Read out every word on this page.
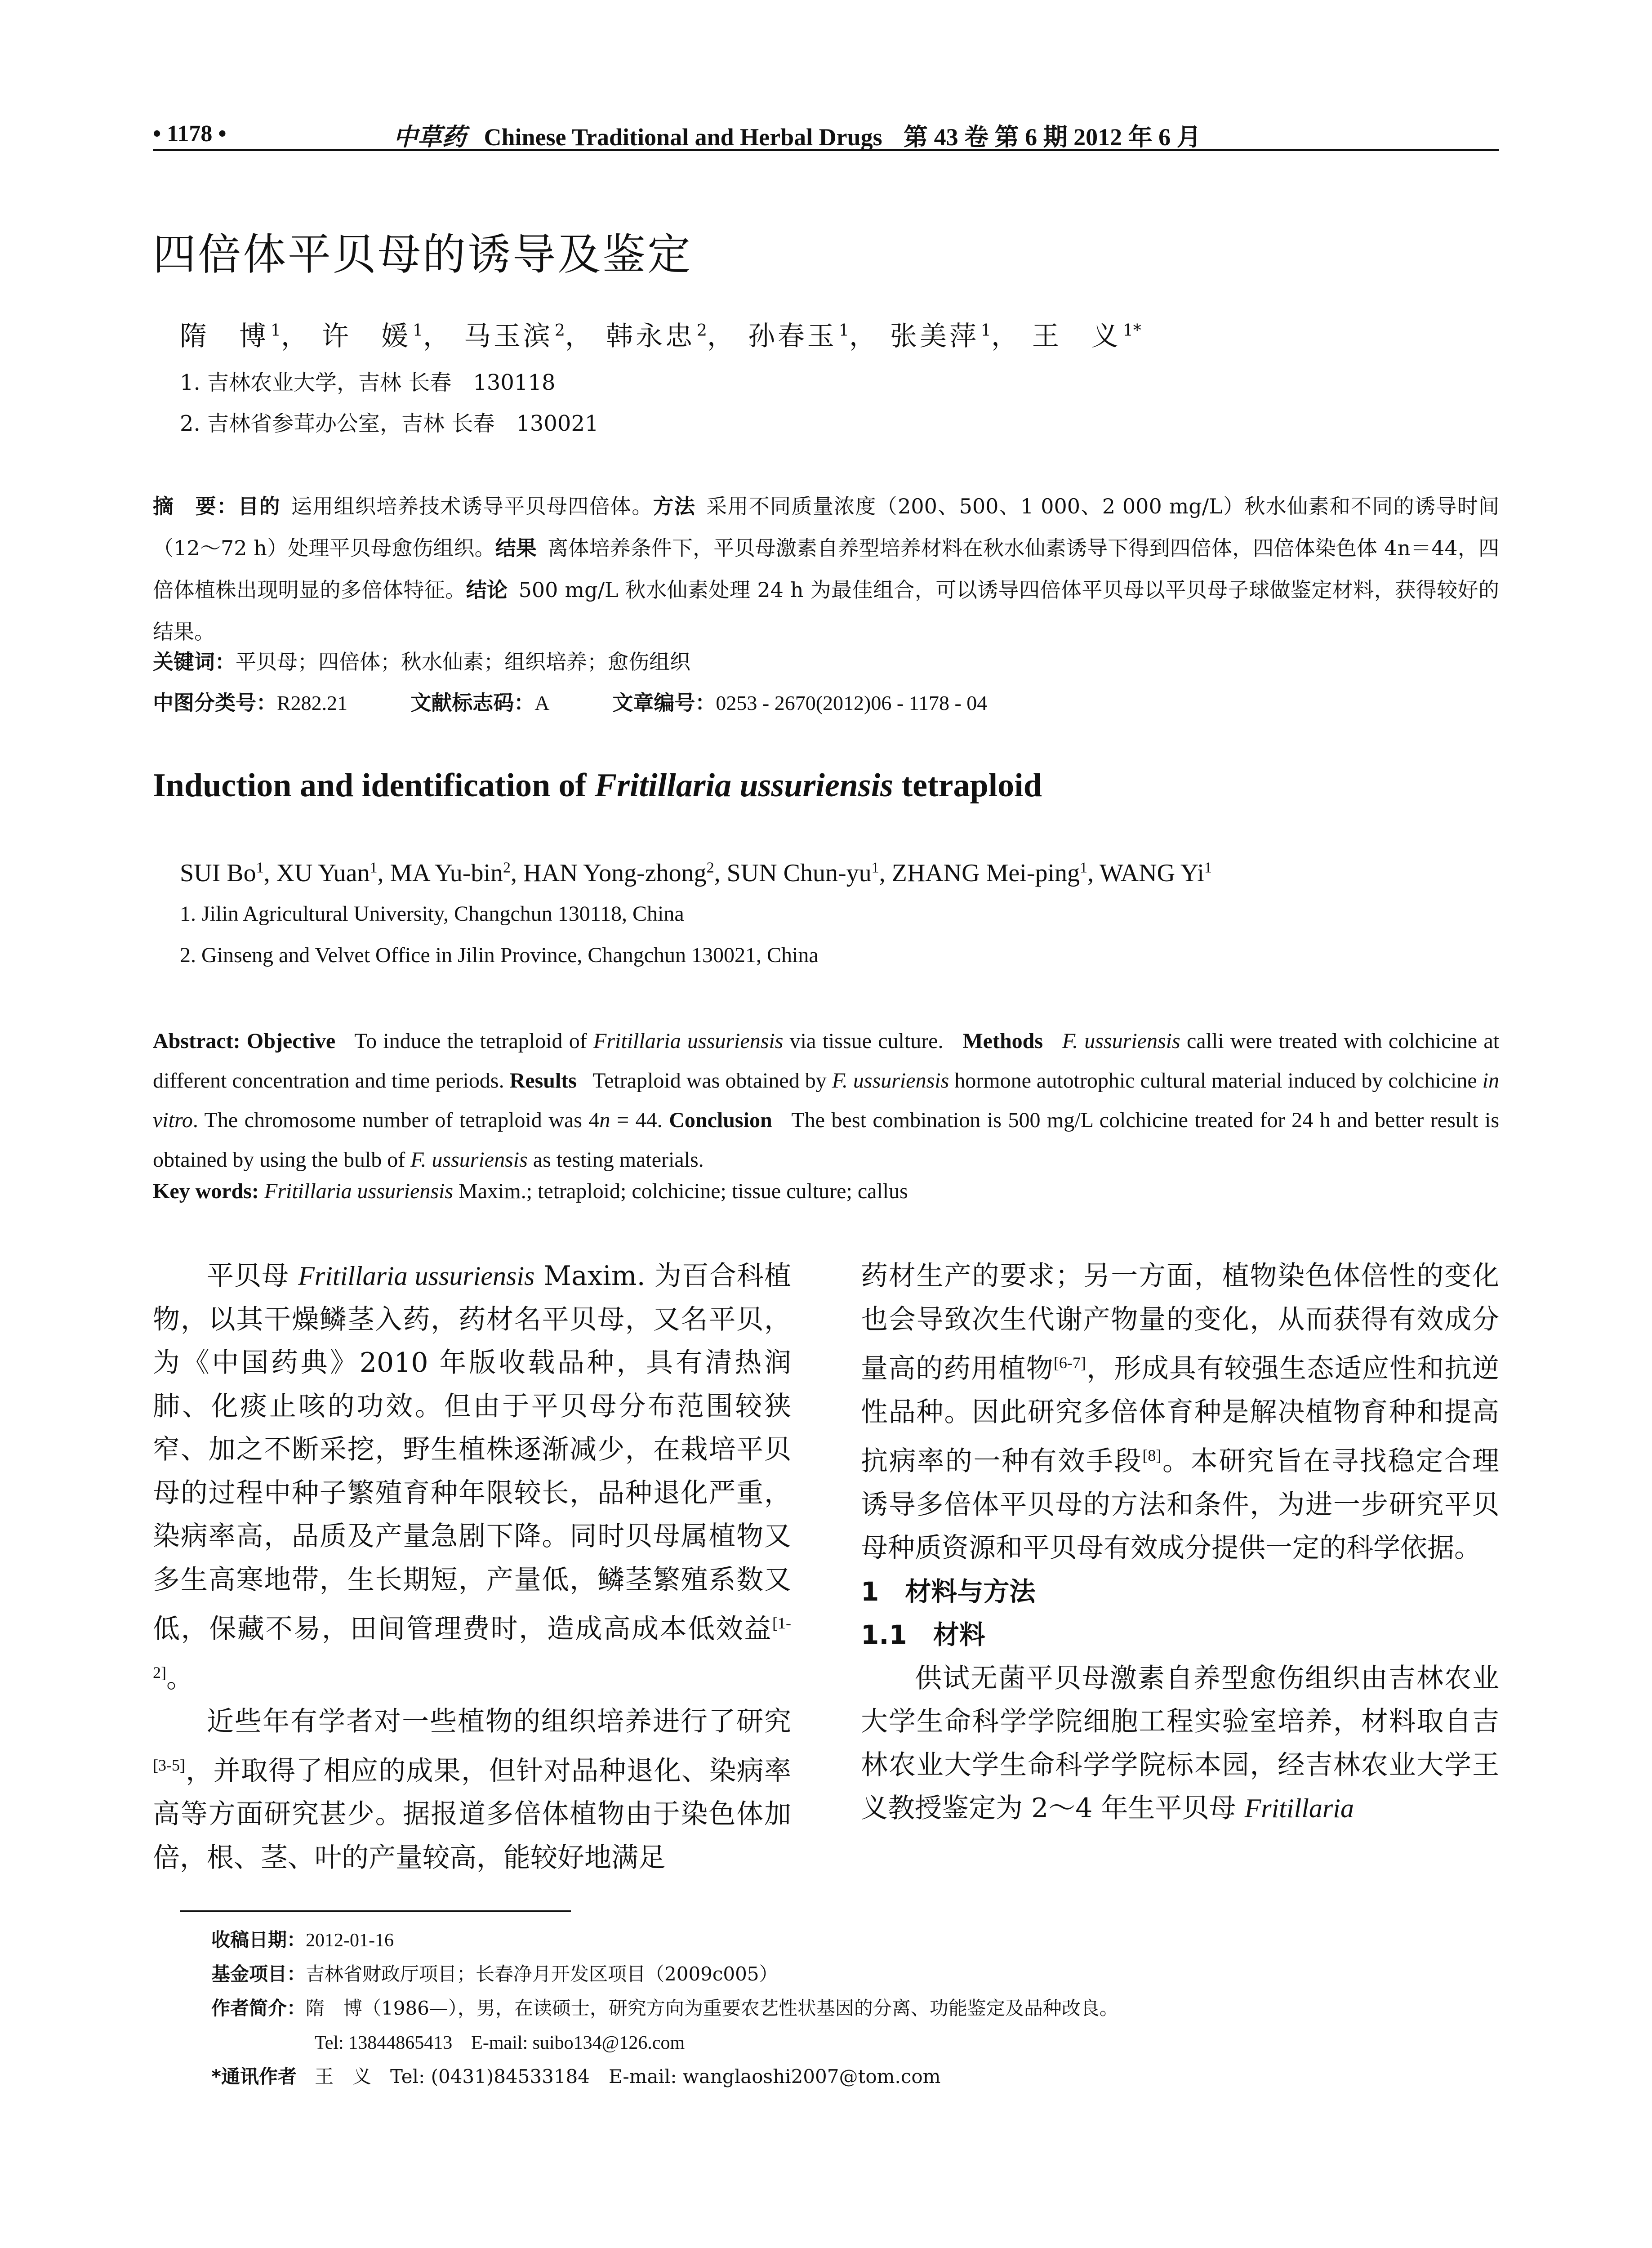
• 1178 •	中草药 Chinese Traditional and Herbal Drugs 第 43 卷 第 6 期 2012 年 6 月
四倍体平贝母的诱导及鉴定
隋　博 $^1$， 许　媛 $^1$， 马玉滨 $^2$， 韩永忠 $^2$， 孙春玉 $^1$， 张美萍 $^1$， 王　义 $^{1*}$
1. 吉林农业大学，吉林 长春　130118
2. 吉林省参茸办公室，吉林 长春　130021
摘　要：目的 运用组织培养技术诱导平贝母四倍体。方法 采用不同质量浓度（200、500、1 000、2 000 mg/L）秋水仙素和不同的诱导时间（12～72 h）处理平贝母愈伤组织。结果 离体培养条件下，平贝母激素自养型培养材料在秋水仙素诱导下得到四倍体，四倍体染色体 4n＝44，四倍体植株出现明显的多倍体特征。结论 500 mg/L 秋水仙素处理 24 h 为最佳组合，可以诱导四倍体平贝母以平贝母子球做鉴定材料，获得较好的结果。
关键词：平贝母；四倍体；秋水仙素；组织培养；愈伤组织
中图分类号：R282.21	文献标志码：A	文章编号：0253 - 2670(2012)06 - 1178 - 04
Induction and identification of Fritillaria ussuriensis tetraploid
SUI Bo$^1$, XU Yuan$^1$, MA Yu-bin$^2$, HAN Yong-zhong$^2$, SUN Chun-$yu^1$, ZHANG Mei-ping$^1$, WANG Yi$^1$
1. Jilin Agricultural University, Changchun 130118, China
2. Ginseng and Velvet Office in Jilin Province, Changchun 130021, China
Abstract: Objective To induce the tetraploid of Fritillaria ussuriensis via tissue culture. Methods F. ussuriensis calli were treated with colchicine at different concentration and time periods. Results Tetraploid was obtained by F. ussuriensis hormone autotrophic cultural material induced by colchicine in vitro. The chromosome number of tetraploid was 4n = 44. Conclusion The best combination is 500 mg/L colchicine treated for 24 h and better result is obtained by using the bulb of F. ussuriensis as testing materials.
Key words: Fritillaria ussuriensis Maxim.; tetraploid; colchicine; tissue culture; callus

平贝母 Fritillaria ussuriensis Maxim. 为百合科植物，以其干燥鳞茎入药，药材名平贝母，又名平贝，为《中国药典》2010 年版收载品种，具有清热润肺、化痰止咳的功效。但由于平贝母分布范围较狭窄、加之不断采挖，野生植株逐渐减少，在栽培平贝母的过程中种子繁殖育种年限较长，品种退化严重，染病率高，品质及产量急剧下降。同时贝母属植物又多生高寒地带，生长期短，产量低，鳞茎繁殖系数又低，保藏不易，田间管理费时，造成高成本低效益[1-2]。

近些年有学者对一些植物的组织培养进行了研究[3-5]，并取得了相应的成果，但针对品种退化、染病率高等方面研究甚少。据报道多倍体植物由于染色体加倍，根、茎、叶的产量较高，能较好地满足

药材生产的要求；另一方面，植物染色体倍性的变化也会导致次生代谢产物量的变化，从而获得有效成分量高的药用植物[6-7]，形成具有较强生态适应性和抗逆性品种。因此研究多倍体育种是解决植物育种和提高抗病率的一种有效手段[8]。本研究旨在寻找稳定合理诱导多倍体平贝母的方法和条件，为进一步研究平贝母种质资源和平贝母有效成分提供一定的科学依据。

1　材料与方法
1.1　材料

供试无菌平贝母激素自养型愈伤组织由吉林农业大学生命科学学院细胞工程实验室培养，材料取自吉林农业大学生命科学学院标本园，经吉林农业大学王义教授鉴定为 2～4 年生平贝母 Fritillaria

收稿日期：2012-01-16
基金项目：吉林省财政厅项目；长春净月开发区项目（2009c005）
作者简介：隋　博（1986—），男，在读硕士，研究方向为重要农艺性状基因的分离、功能鉴定及品种改良。
Tel: 13844865413　E-mail: suibo134@126.com
*通讯作者 王　义　Tel: (0431)84533184　E-mail: wanglaoshi2007@tom.com
